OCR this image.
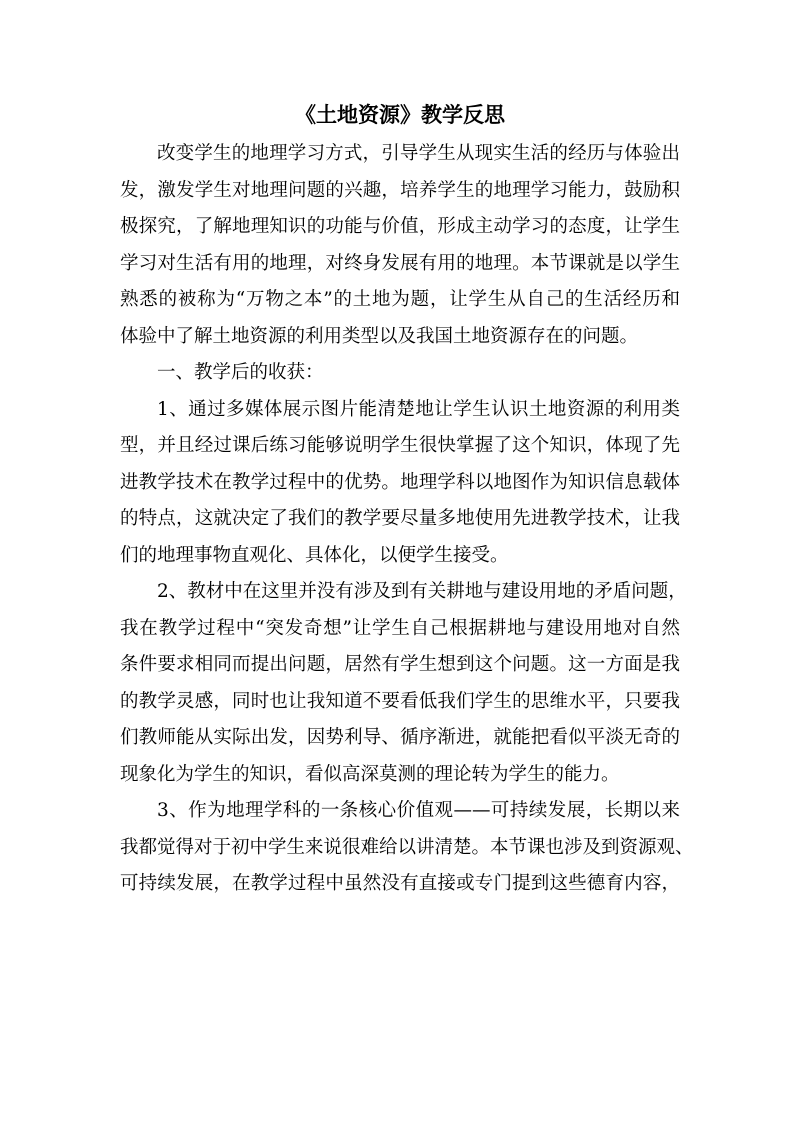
《土地资源》教学反思
改变学生的地理学习方式，引导学生从现实生活的经历与体验出
发，激发学生对地理问题的兴趣，培养学生的地理学习能力，鼓励积
极探究，了解地理知识的功能与价值，形成主动学习的态度，让学生
学习对生活有用的地理，对终身发展有用的地理。本节课就是以学生
熟悉的被称为“万物之本”的土地为题，让学生从自己的生活经历和
体验中了解土地资源的利用类型以及我国土地资源存在的问题。
一、教学后的收获：
1、通过多媒体展示图片能清楚地让学生认识土地资源的利用类
型，并且经过课后练习能够说明学生很快掌握了这个知识，体现了先
进教学技术在教学过程中的优势。地理学科以地图作为知识信息载体
的特点，这就决定了我们的教学要尽量多地使用先进教学技术，让我
们的地理事物直观化、具体化，以便学生接受。
2、教材中在这里并没有涉及到有关耕地与建设用地的矛盾问题，
我在教学过程中“突发奇想”让学生自己根据耕地与建设用地对自然
条件要求相同而提出问题，居然有学生想到这个问题。这一方面是我
的教学灵感，同时也让我知道不要看低我们学生的思维水平，只要我
们教师能从实际出发，因势利导、循序渐进，就能把看似平淡无奇的
现象化为学生的知识，看似高深莫测的理论转为学生的能力。
3、作为地理学科的一条核心价值观——可持续发展，长期以来
我都觉得对于初中学生来说很难给以讲清楚。本节课也涉及到资源观、
可持续发展，在教学过程中虽然没有直接或专门提到这些德育内容，
